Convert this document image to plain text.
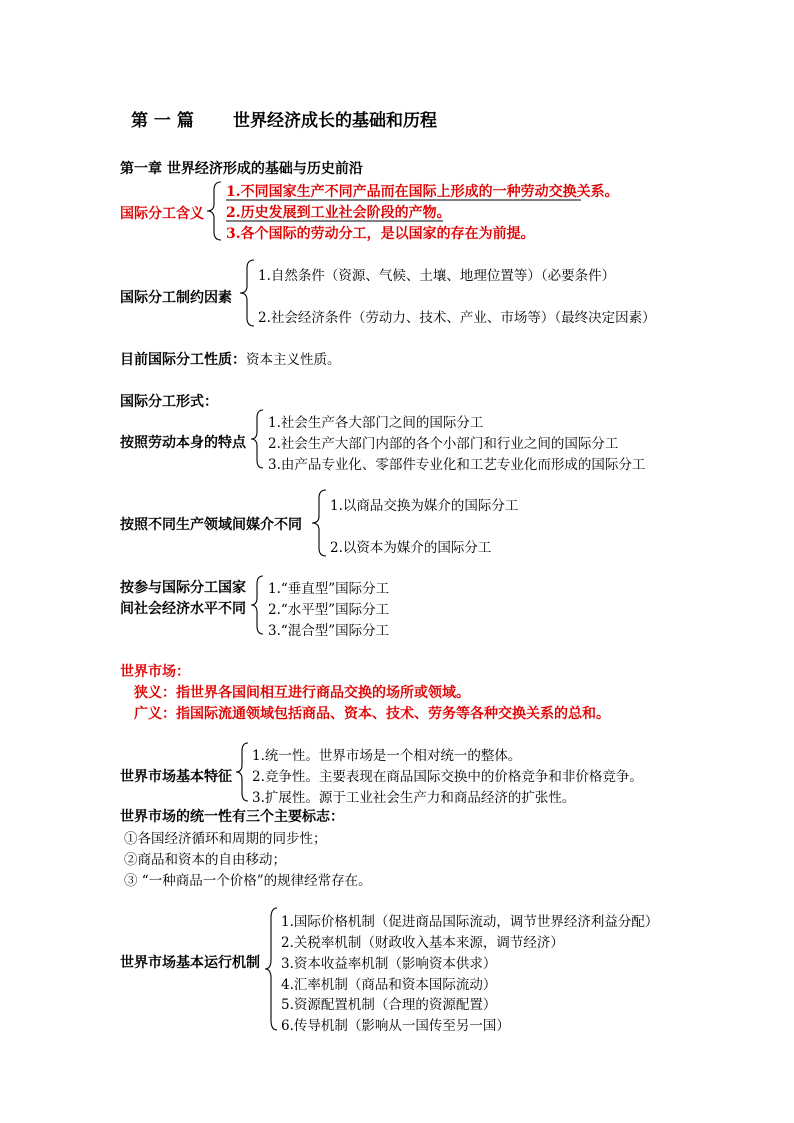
第 一 篇 世界经济成长的基础和历程
第一章 世界经济形成的基础与历史前沿
国际分工含义
1.不同国家生产不同产品而在国际上形成的一种劳动交换关系。
2.历史发展到工业社会阶段的产物。
3.各个国际的劳动分工，是以国家的存在为前提。
国际分工制约因素
1.自然条件（资源、气候、土壤、地理位置等）（必要条件）
2.社会经济条件（劳动力、技术、产业、市场等）（最终决定因素）
目前国际分工性质：资本主义性质。
国际分工形式：
按照劳动本身的特点
1.社会生产各大部门之间的国际分工
2.社会生产大部门内部的各个小部门和行业之间的国际分工
3.由产品专业化、零部件专业化和工艺专业化而形成的国际分工
按照不同生产领域间媒介不同
1.以商品交换为媒介的国际分工
2.以资本为媒介的国际分工
按参与国际分工国家
间社会经济水平不同
1.“垂直型”国际分工
2.“水平型”国际分工
3.“混合型”国际分工
世界市场：
狭义：指世界各国间相互进行商品交换的场所或领域。
广义：指国际流通领域包括商品、资本、技术、劳务等各种交换关系的总和。
世界市场基本特征
1.统一性。世界市场是一个相对统一的整体。
2.竞争性。主要表现在商品国际交换中的价格竞争和非价格竞争。
3.扩展性。源于工业社会生产力和商品经济的扩张性。
世界市场的统一性有三个主要标志：
①各国经济循环和周期的同步性；
②商品和资本的自由移动；
③ “一种商品一个价格”的规律经常存在。
世界市场基本运行机制
1.国际价格机制（促进商品国际流动，调节世界经济利益分配）
2.关税率机制（财政收入基本来源，调节经济）
3.资本收益率机制（影响资本供求）
4.汇率机制（商品和资本国际流动）
5.资源配置机制（合理的资源配置）
6.传导机制（影响从一国传至另一国）
